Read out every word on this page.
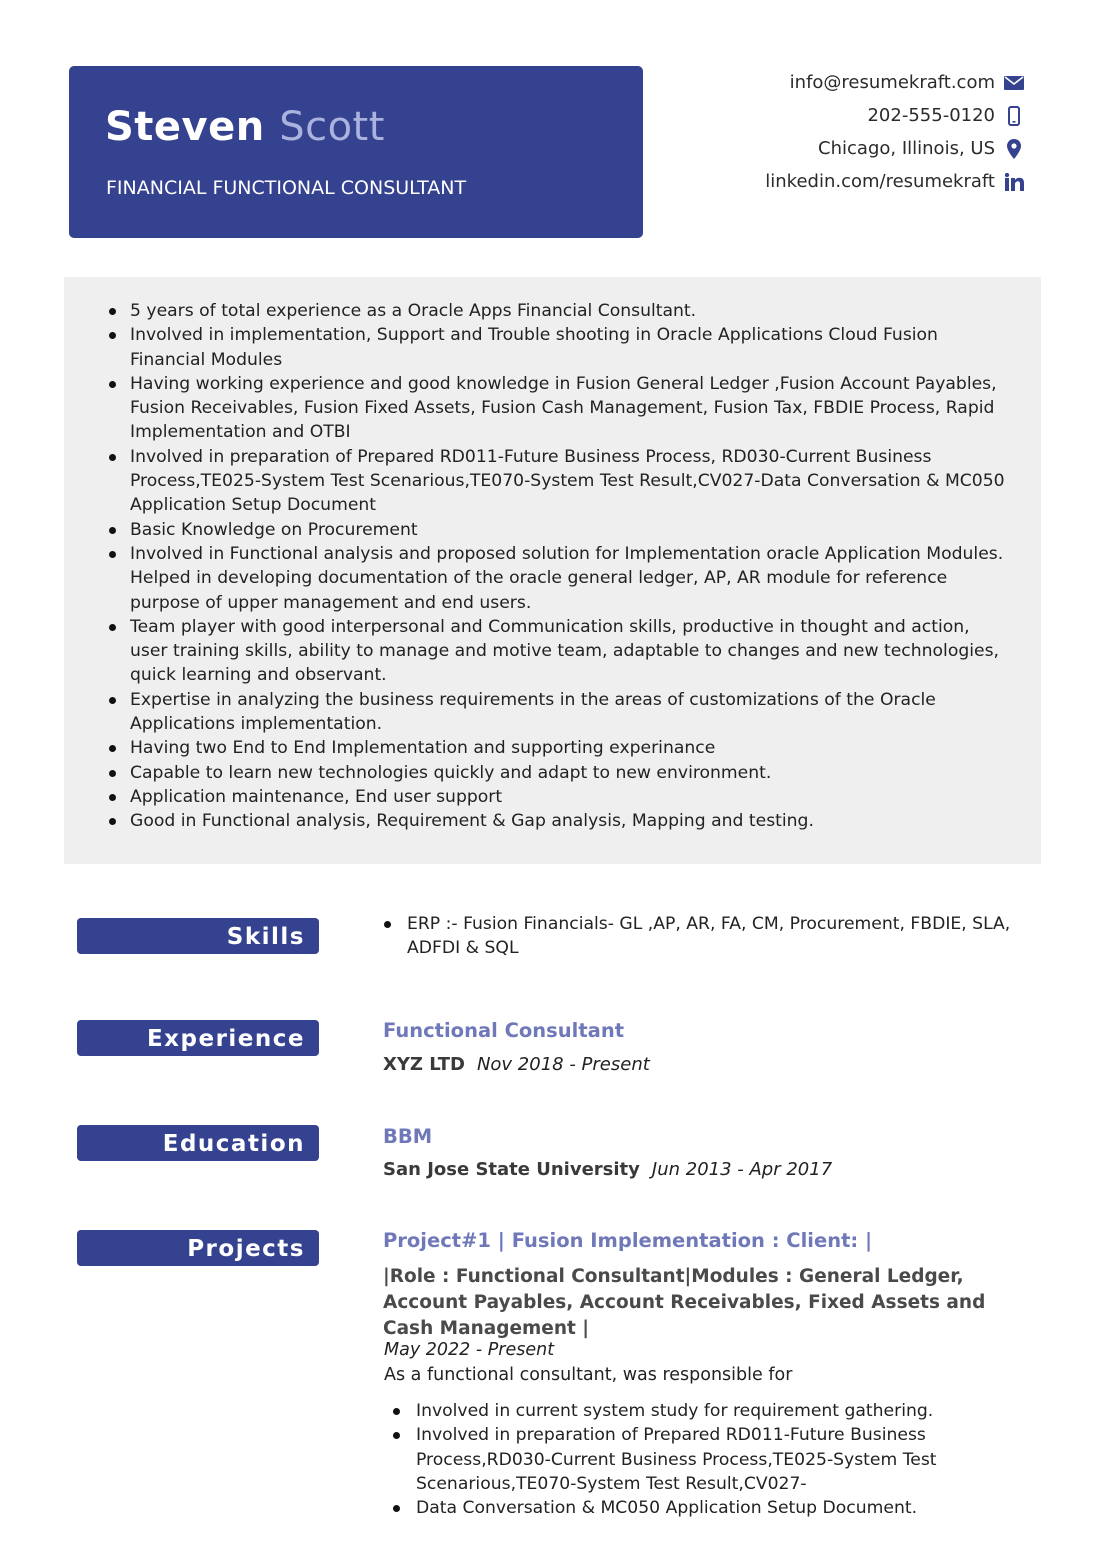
Steven Scott
FINANCIAL FUNCTIONAL CONSULTANT
info@resumekraft.com
202-555-0120
Chicago, Illinois, US
linkedin.com/resumekraft
5 years of total experience as a Oracle Apps Financial Consultant.
Involved in implementation, Support and Trouble shooting in Oracle Applications Cloud Fusion Financial Modules
Having working experience and good knowledge in Fusion General Ledger ,Fusion Account Payables, Fusion Receivables, Fusion Fixed Assets, Fusion Cash Management, Fusion Tax, FBDIE Process, Rapid Implementation and OTBI
Involved in preparation of Prepared RD011-Future Business Process, RD030-Current Business Process,TE025-System Test Scenarious,TE070-System Test Result,CV027-Data Conversation & MC050 Application Setup Document
Basic Knowledge on Procurement
Involved in Functional analysis and proposed solution for Implementation oracle Application Modules. Helped in developing documentation of the oracle general ledger, AP, AR module for reference purpose of upper management and end users.
Team player with good interpersonal and Communication skills, productive in thought and action, user training skills, ability to manage and motive team, adaptable to changes and new technologies, quick learning and observant.
Expertise in analyzing the business requirements in the areas of customizations of the Oracle Applications implementation.
Having two End to End Implementation and supporting experinance
Capable to learn new technologies quickly and adapt to new environment.
Application maintenance, End user support
Good in Functional analysis, Requirement & Gap analysis, Mapping and testing.
Skills	ERP :- Fusion Financials- GL ,AP, AR, FA, CM, Procurement, FBDIE, SLA, ADFDI & SQL
Experience	Functional Consultant
XYZ LTD Nov 2018 - Present
Education	BBM
San Jose State University Jun 2013 - Apr 2017
Projects	Project#1 | Fusion Implementation : Client: |
|Role : Functional Consultant|Modules : General Ledger, Account Payables, Account Receivables, Fixed Assets and Cash Management |
May 2022 - Present
As a functional consultant, was responsible for
Involved in current system study for requirement gathering.
Involved in preparation of Prepared RD011-Future Business Process,RD030-Current Business Process,TE025-System Test Scenarious,TE070-System Test Result,CV027-
Data Conversation & MC050 Application Setup Document.
